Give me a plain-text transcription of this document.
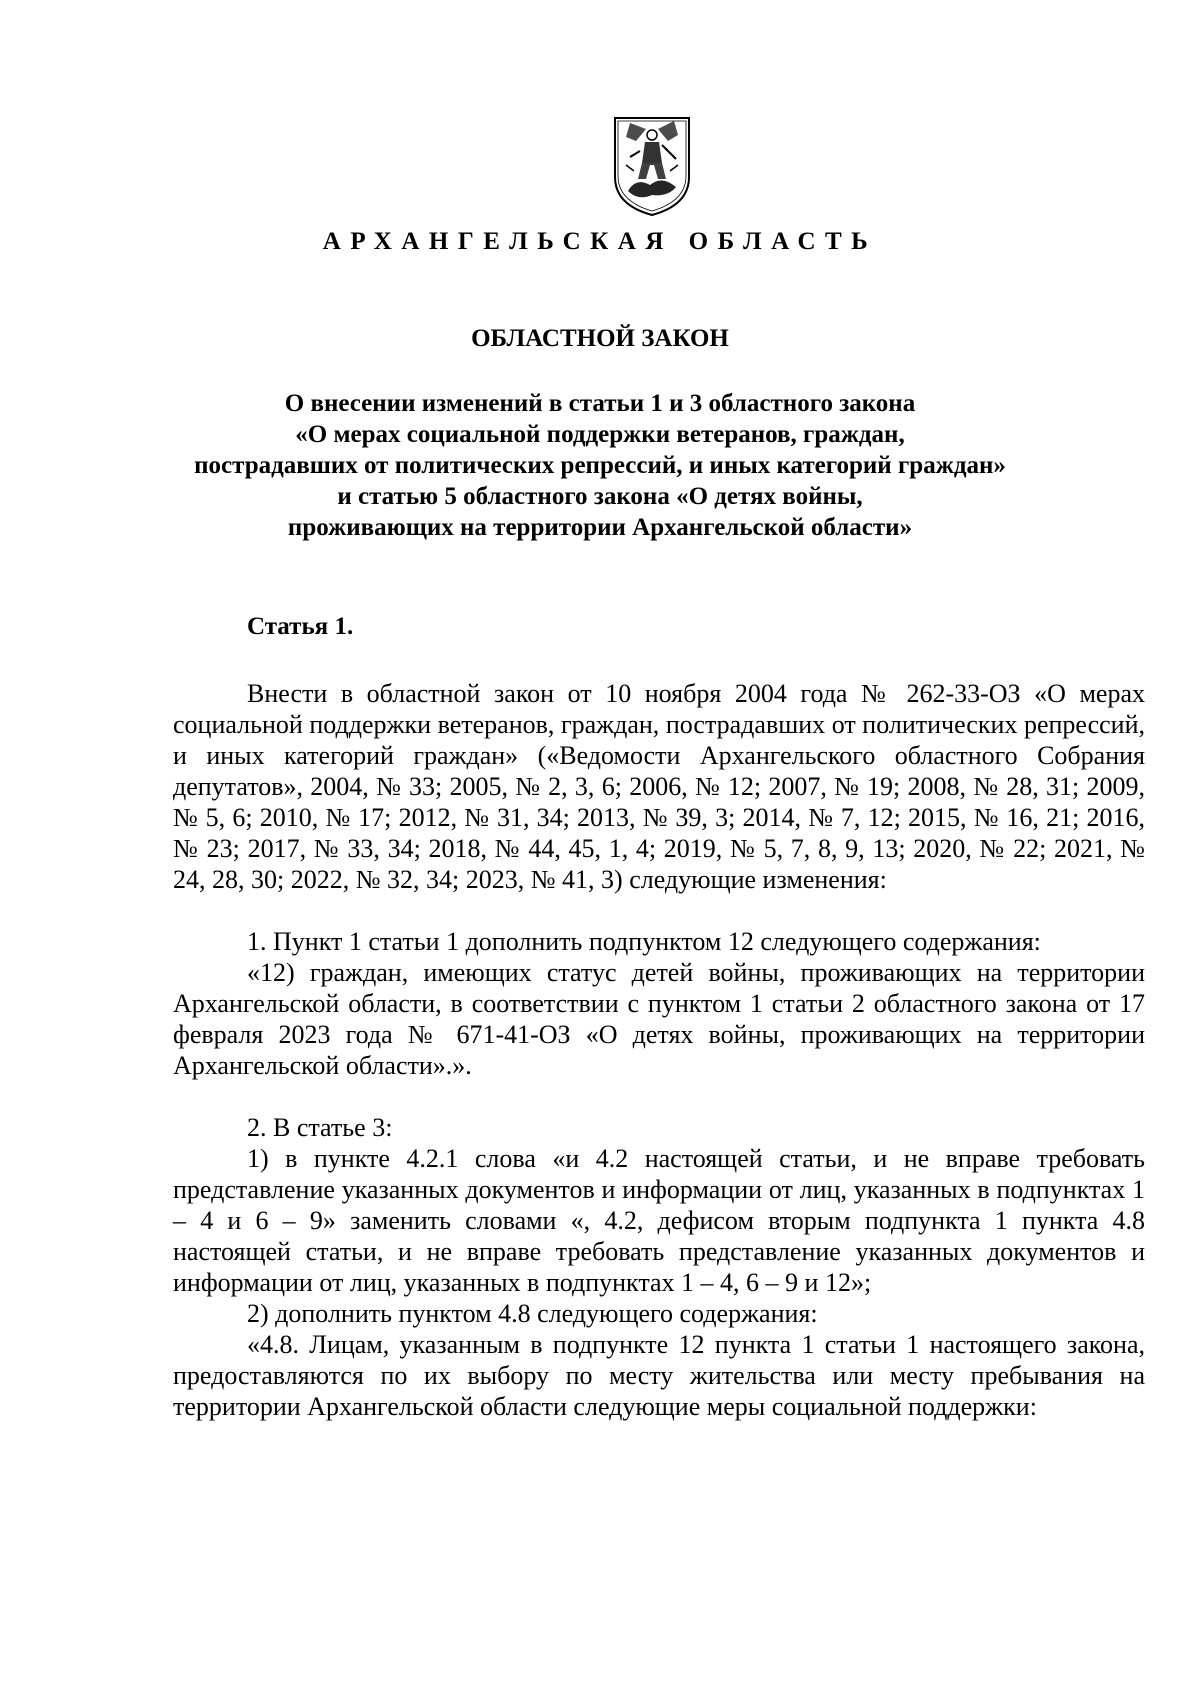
АРХАНГЕЛЬСКАЯ ОБЛАСТЬ
ОБЛАСТНОЙ ЗАКОН
О внесении изменений в статьи 1 и 3 областного закона
«О мерах социальной поддержки ветеранов, граждан,
пострадавших от политических репрессий, и иных категорий граждан»
и статью 5 областного закона «О детях войны,
проживающих на территории Архангельской области»
Статья 1.

Внести в областной закон от 10 ноября 2004 года № 262-33-ОЗ «О мерах социальной поддержки ветеранов, граждан, пострадавших от политических репрессий, и иных категорий граждан» («Ведомости Архангельского областного Собрания депутатов», 2004, № 33; 2005, № 2, 3, 6; 2006, № 12; 2007, № 19; 2008, № 28, 31; 2009, № 5, 6; 2010, № 17; 2012, № 31, 34; 2013, № 39, 3; 2014, № 7, 12; 2015, № 16, 21; 2016, № 23; 2017, № 33, 34; 2018, № 44, 45, 1, 4; 2019, № 5, 7, 8, 9, 13; 2020, № 22; 2021, № 24, 28, 30; 2022, № 32, 34; 2023, № 41, 3) следующие изменения:

1. Пункт 1 статьи 1 дополнить подпунктом 12 следующего содержания:

«12) граждан, имеющих статус детей войны, проживающих на территории Архангельской области, в соответствии с пунктом 1 статьи 2 областного закона от 17 февраля 2023 года № 671-41-ОЗ «О детях войны, проживающих на территории Архангельской области».».

2. В статье 3:

1) в пункте 4.2.1 слова «и 4.2 настоящей статьи, и не вправе требовать представление указанных документов и информации от лиц, указанных в подпунктах 1 – 4 и 6 – 9» заменить словами «, 4.2, дефисом вторым подпункта 1 пункта 4.8 настоящей статьи, и не вправе требовать представление указанных документов и информации от лиц, указанных в подпунктах 1 – 4, 6 – 9 и 12»;

2) дополнить пунктом 4.8 следующего содержания:

«4.8. Лицам, указанным в подпункте 12 пункта 1 статьи 1 настоящего закона, предоставляются по их выбору по месту жительства или месту пребывания на территории Архангельской области следующие меры социальной поддержки:
